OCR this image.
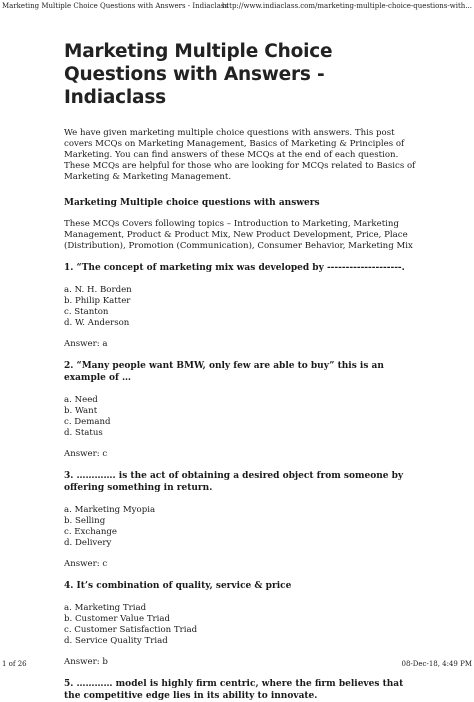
Marketing Multiple Choice Questions with Answers - Indiaclass
http://www.indiaclass.com/marketing-multiple-choice-questions-with...
Marketing Multiple Choice Questions with Answers - Indiaclass

We have given marketing multiple choice questions with answers. This post covers MCQs on Marketing Management, Basics of Marketing & Principles of Marketing. You can find answers of these MCQs at the end of each question. These MCQs are helpful for those who are looking for MCQs related to Basics of Marketing & Marketing Management.

Marketing Multiple choice questions with answers

These MCQs Covers following topics – Introduction to Marketing, Marketing Management, Product & Product Mix, New Product Development, Price, Place (Distribution), Promotion (Communication), Consumer Behavior, Marketing Mix

1. “The concept of marketing mix was developed by --------------------.

a. N. H. Borden
b. Philip Katter
c. Stanton
d. W. Anderson

Answer: a

2. “Many people want BMW, only few are able to buy” this is an example of …

a. Need
b. Want
c. Demand
d. Status

Answer: c

3. …………. is the act of obtaining a desired object from someone by offering something in return.

a. Marketing Myopia
b. Selling
c. Exchange
d. Delivery

Answer: c

4. It’s combination of quality, service & price

a. Marketing Triad
b. Customer Value Triad
c. Customer Satisfaction Triad
d. Service Quality Triad

Answer: b

5. ………… model is highly firm centric, where the firm believes that the competitive edge lies in its ability to innovate.

1 of 26	08-Dec-18, 4:49 PM
